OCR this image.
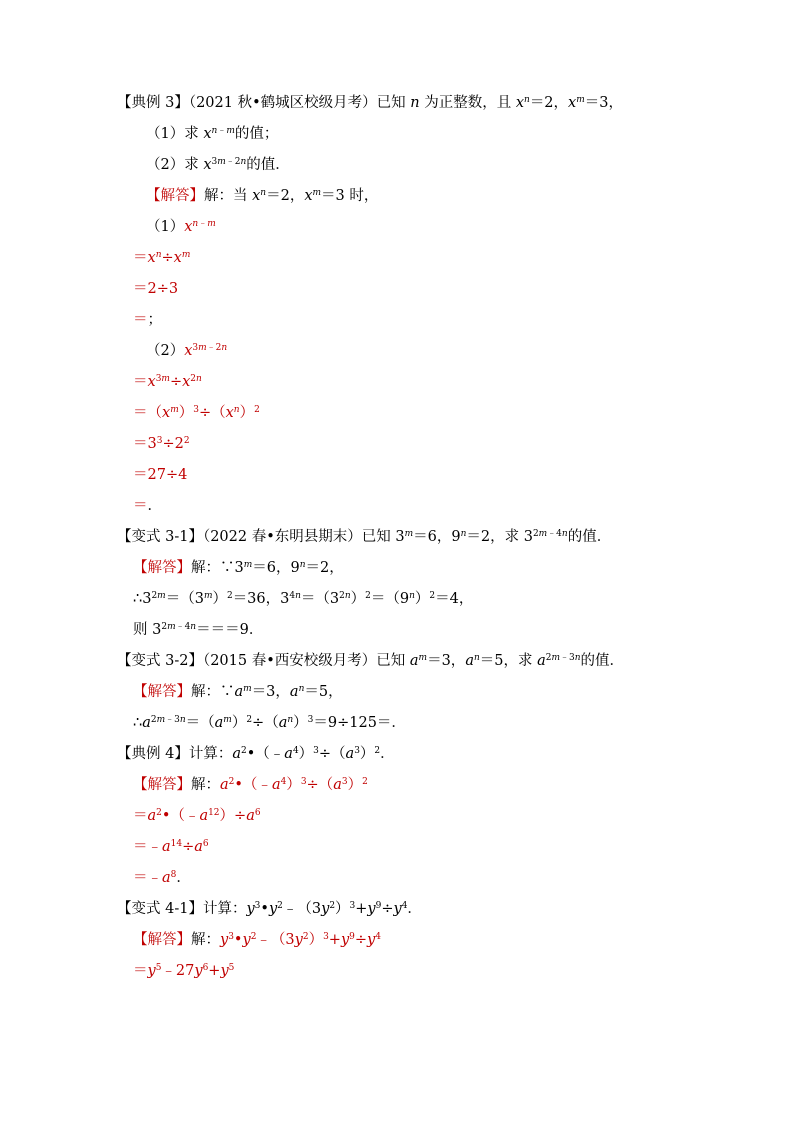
【典例 3】（2021 秋•鹤城区校级月考）已知 n 为正整数，且 $x^n=2$，$x^m=3$，
（1）求 $x^{n﹣m}$的值；
（2）求 $x^{3m﹣2n}$的值．
【解答】解：当 $x^n=2$，$x^m=3$ 时，
$(1)x^{n﹣m}$
$=x^n\div x^m$
＝2÷3
＝；
$(2)x^{3m﹣2n}$
$=x^{3m}\div x^{2n}$
$=(x^m)^3\div(x^n)^2$
$=3^3\div 2^2$
＝27÷4
＝．
【变式 3-1】（2022 春•东明县期末）已知 $3^m=6$，$9^n=2$，求 $3^{2m﹣4n}$的值．
【解答】解：$\because 3^m=6$，$9^n=2$，
$\therefore 3^{2m}=(3^m)^2=36$，$3^{4n}=(3^{2n})^2=(9^n)^2=4$，
则 $3^{2m﹣4n}===9$．
【变式 3-2】（2015 春•西安校级月考）已知 $a^m=3$，$a^n=5$，求 $a^{2m﹣3n}$的值．
【解答】解：$\because a^m=3$，$a^n=5$，
$\therefore a^{2m﹣3n}=(a^m)^2\div(a^n)^3=9\div 125=$．
【典例 4】计算：$a^2•(﹣a^4)^3\div(a^3)^2$．
【解答】解：$a^2•(﹣a^4)^3\div(a^3)^2$
$=a^2•(﹣a^{12})\div a^6$
$=﹣a^{14}\div a^6$
$=﹣a^8$．
【变式 4-1】计算：$y^3•y^2﹣(3y^2)^3+y^9\div y^4$．
【解答】解：$y^3•y^2﹣(3y^2)^3+y^9\div y^4$
$=y^5﹣27y^6+y^5$
